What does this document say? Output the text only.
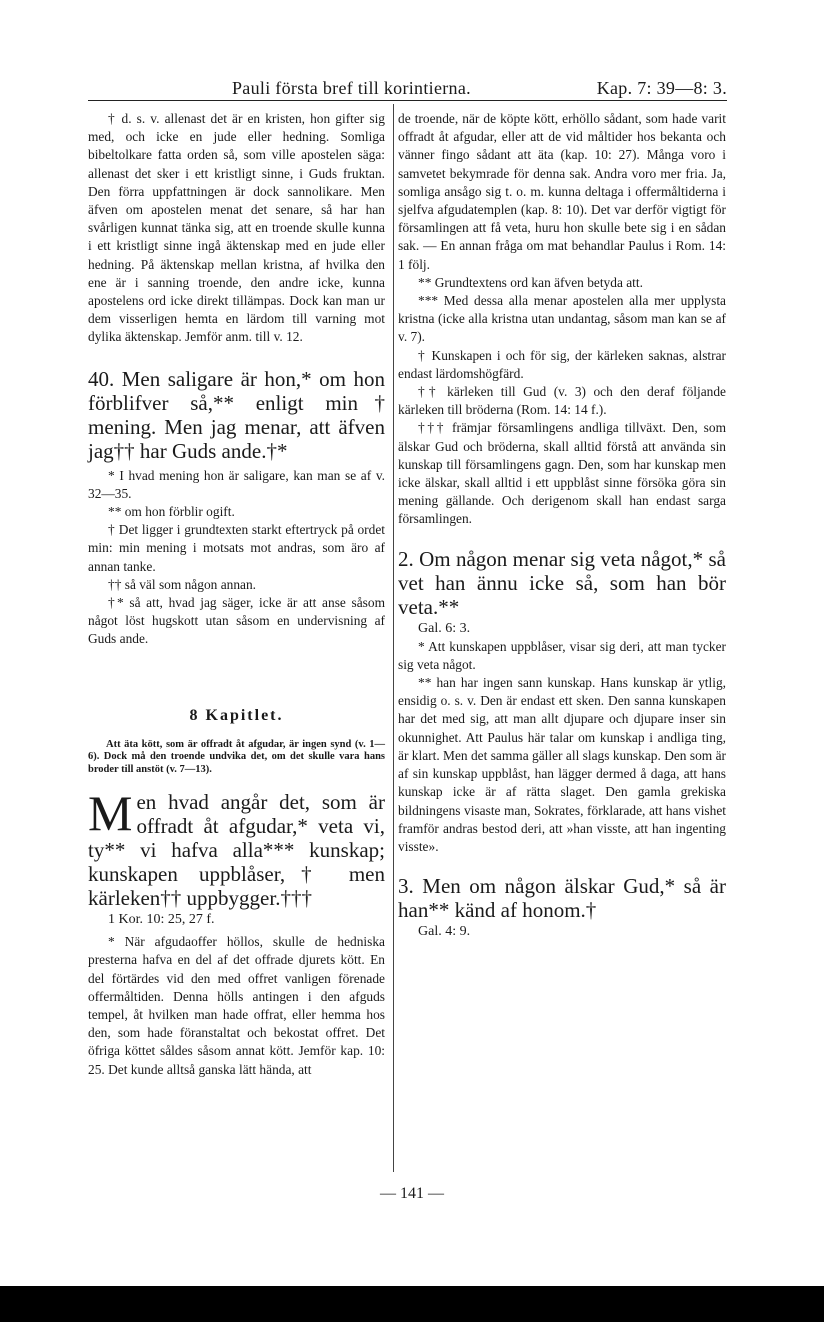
Pauli första bref till korintierna.	Kap. 7: 39—8: 3.

† d. s. v. allenast det är en kristen, hon gifter sig med, och icke en jude eller hedning. Somliga bibeltolkare fatta orden så, som ville apostelen säga: allenast det sker i ett kristligt sinne, i Guds fruktan. Den förra uppfattningen är dock sannolikare. Men äfven om apostelen menat det senare, så har han svårligen kunnat tänka sig, att en troende skulle kunna i ett kristligt sinne ingå äktenskap med en jude eller hedning. På äktenskap mellan kristna, af hvilka den ene är i sanning troende, den andre icke, kunna apostelens ord icke direkt tillämpas. Dock kan man ur dem visserligen hemta en lärdom till varning mot dylika äktenskap. Jemför anm. till v. 12.

40. Men saligare är hon,* om hon förblifver så,** enligt min† mening. Men jag menar, att äfven jag†† har Guds ande.†*

* I hvad mening hon är saligare, kan man se af v. 32—35.

** om hon förblir ogift.

† Det ligger i grundtexten starkt eftertryck på ordet min: min mening i motsats mot andras, som äro af annan tanke.

†† så väl som någon annan.

†* så att, hvad jag säger, icke är att anse såsom något löst hugskott utan såsom en undervisning af Guds ande.

8 Kapitlet.

Att äta kött, som är offradt åt afgudar, är ingen synd (v. 1—6). Dock må den troende undvika det, om det skulle vara hans broder till anstöt (v. 7—13).

Men hvad angår det, som är offradt åt afgudar,* veta vi, ty** vi hafva alla*** kunskap; kunskapen uppblåser,† men kärleken†† uppbygger.†††

1 Kor. 10: 25, 27 f.

* När afgudaoffer höllos, skulle de hedniska presterna hafva en del af det offrade djurets kött. En del förtärdes vid den med offret vanligen förenade offermåltiden. Denna hölls antingen i den afguds tempel, åt hvilken man hade offrat, eller hemma hos den, som hade föranstaltat och bekostat offret. Det öfriga köttet såldes såsom annat kött. Jemför kap. 10: 25. Det kunde alltså ganska lätt hända, att

de troende, när de köpte kött, erhöllo sådant, som hade varit offradt åt afgudar, eller att de vid måltider hos bekanta och vänner fingo sådant att äta (kap. 10: 27). Många voro i samvetet bekymrade för denna sak. Andra voro mer fria. Ja, somliga ansågo sig t. o. m. kunna deltaga i offermåltiderna i sjelfva afgudatemplen (kap. 8: 10). Det var derför vigtigt för församlingen att få veta, huru hon skulle bete sig i en sådan sak. — En annan fråga om mat behandlar Paulus i Rom. 14: 1 följ.

** Grundtextens ord kan äfven betyda att.

*** Med dessa alla menar apostelen alla mer upplysta kristna (icke alla kristna utan undantag, såsom man kan se af v. 7).

† Kunskapen i och för sig, der kärleken saknas, alstrar endast lärdomshögfärd.

†† kärleken till Gud (v. 3) och den deraf följande kärleken till bröderna (Rom. 14: 14 f.).

††† främjar församlingens andliga tillväxt. Den, som älskar Gud och bröderna, skall alltid förstå att använda sin kunskap till församlingens gagn. Den, som har kunskap men icke älskar, skall alltid i ett uppblåst sinne försöka göra sin mening gällande. Och derigenom skall han endast sarga församlingen.

2. Om någon menar sig veta något,* så vet han ännu icke så, som han bör veta.**

Gal. 6: 3.

* Att kunskapen uppblåser, visar sig deri, att man tycker sig veta något.

** han har ingen sann kunskap. Hans kunskap är ytlig, ensidig o. s. v. Den är endast ett sken. Den sanna kunskapen har det med sig, att man allt djupare och djupare inser sin okunnighet. Att Paulus här talar om kunskap i andliga ting, är klart. Men det samma gäller all slags kunskap. Den som är af sin kunskap uppblåst, han lägger dermed å daga, att hans kunskap icke är af rätta slaget. Den gamla grekiska bildningens visaste man, Sokrates, förklarade, att hans vishet framför andras bestod deri, att »han visste, att han ingenting visste».

3. Men om någon älskar Gud,* så är han** känd af honom.†

Gal. 4: 9.

— 141 —
